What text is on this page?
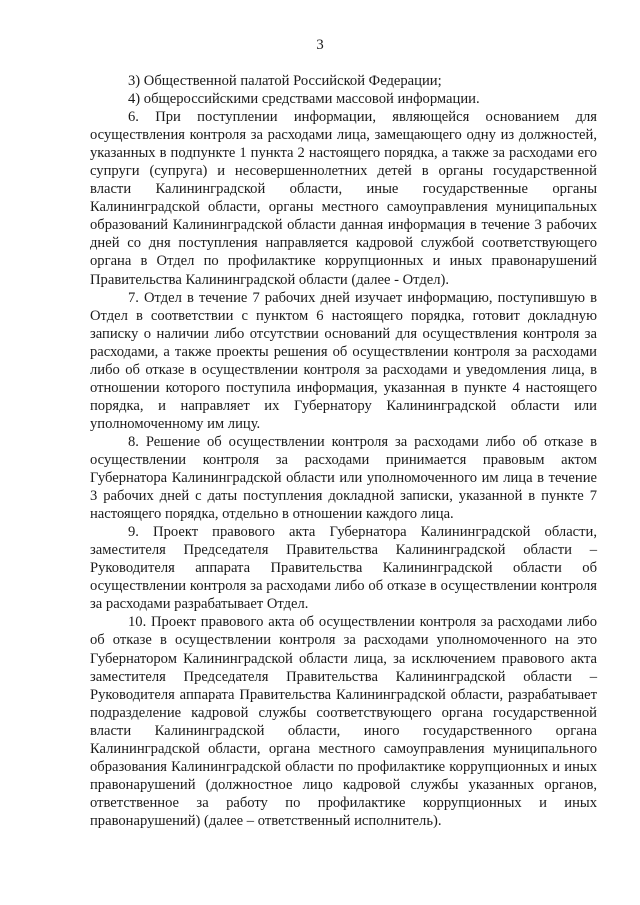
3

3) Общественной палатой Российской Федерации;

4) общероссийскими средствами массовой информации.

6. При поступлении информации, являющейся основанием для осуществления контроля за расходами лица, замещающего одну из должностей, указанных в подпункте 1 пункта 2 настоящего порядка, а также за расходами его супруги (супруга) и несовершеннолетних детей в органы государственной власти Калининградской области, иные государственные органы Калининградской области, органы местного самоуправления муниципальных образований Калининградской области данная информация в течение 3 рабочих дней со дня поступления направляется кадровой службой соответствующего органа в Отдел по профилактике коррупционных и иных правонарушений Правительства Калининградской области (далее - Отдел).

7. Отдел в течение 7 рабочих дней изучает информацию, поступившую в Отдел в соответствии с пунктом 6 настоящего порядка, готовит докладную записку о наличии либо отсутствии оснований для осуществления контроля за расходами, а также проекты решения об осуществлении контроля за расходами либо об отказе в осуществлении контроля за расходами и уведомления лица, в отношении которого поступила информация, указанная в пункте 4 настоящего порядка, и направляет их Губернатору Калининградской области или уполномоченному им лицу.

8. Решение об осуществлении контроля за расходами либо об отказе в осуществлении контроля за расходами принимается правовым актом Губернатора Калининградской области или уполномоченного им лица в течение 3 рабочих дней с даты поступления докладной записки, указанной в пункте 7 настоящего порядка, отдельно в отношении каждого лица.

9. Проект правового акта Губернатора Калининградской области, заместителя Председателя Правительства Калининградской области – Руководителя аппарата Правительства Калининградской области об осуществлении контроля за расходами либо об отказе в осуществлении контроля за расходами разрабатывает Отдел.

10. Проект правового акта об осуществлении контроля за расходами либо об отказе в осуществлении контроля за расходами уполномоченного на это Губернатором Калининградской области лица, за исключением правового акта заместителя Председателя Правительства Калининградской области – Руководителя аппарата Правительства Калининградской области, разрабатывает подразделение кадровой службы соответствующего органа государственной власти Калининградской области, иного государственного органа Калининградской области, органа местного самоуправления муниципального образования Калининградской области по профилактике коррупционных и иных правонарушений (должностное лицо кадровой службы указанных органов, ответственное за работу по профилактике коррупционных и иных правонарушений) (далее – ответственный исполнитель).
